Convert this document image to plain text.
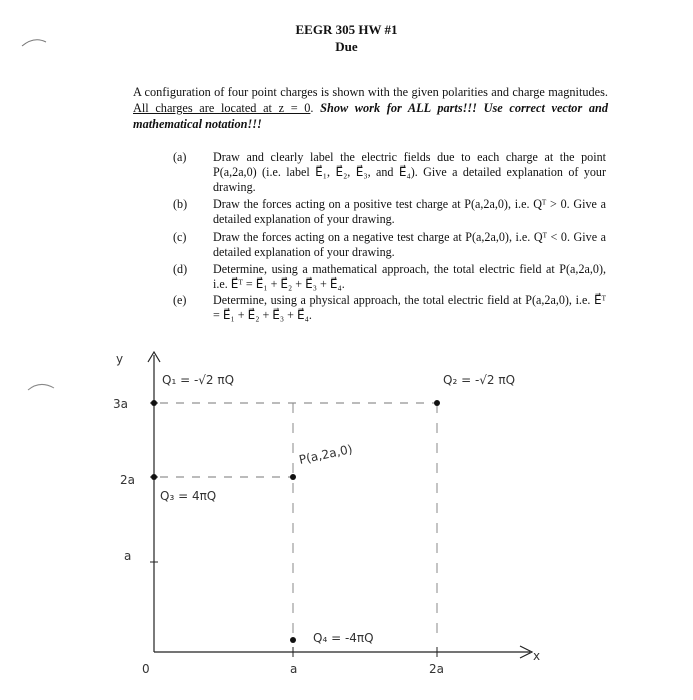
EEGR 305 HW #1
Due
A configuration of four point charges is shown with the given polarities and charge magnitudes. All charges are located at z = 0. Show work for ALL parts!!! Use correct vector and mathematical notation!!!
(a) Draw and clearly label the electric fields due to each charge at the point P(a,2a,0) (i.e. label E⃗₁, E⃗₂, E⃗₃, and E⃗₄). Give a detailed explanation of your drawing.
(b) Draw the forces acting on a positive test charge at P(a,2a,0), i.e. Qᵀ > 0. Give a detailed explanation of your drawing.
(c) Draw the forces acting on a negative test charge at P(a,2a,0), i.e. Qᵀ < 0. Give a detailed explanation of your drawing.
(d) Determine, using a mathematical approach, the total electric field at P(a,2a,0), i.e. E⃗ᵀ = E⃗₁ + E⃗₂ + E⃗₃ + E⃗₄.
(e) Determine, using a physical approach, the total electric field at P(a,2a,0), i.e. E⃗ᵀ = E⃗₁ + E⃗₂ + E⃗₃ + E⃗₄.
y
x
0
3a
2a
a
a	2a
Q₁ = -√2 πQ	Q₂ = -√2 πQ
Q₃ = 4πQ
Q₄ = -4πQ
P(a,2a,0)
